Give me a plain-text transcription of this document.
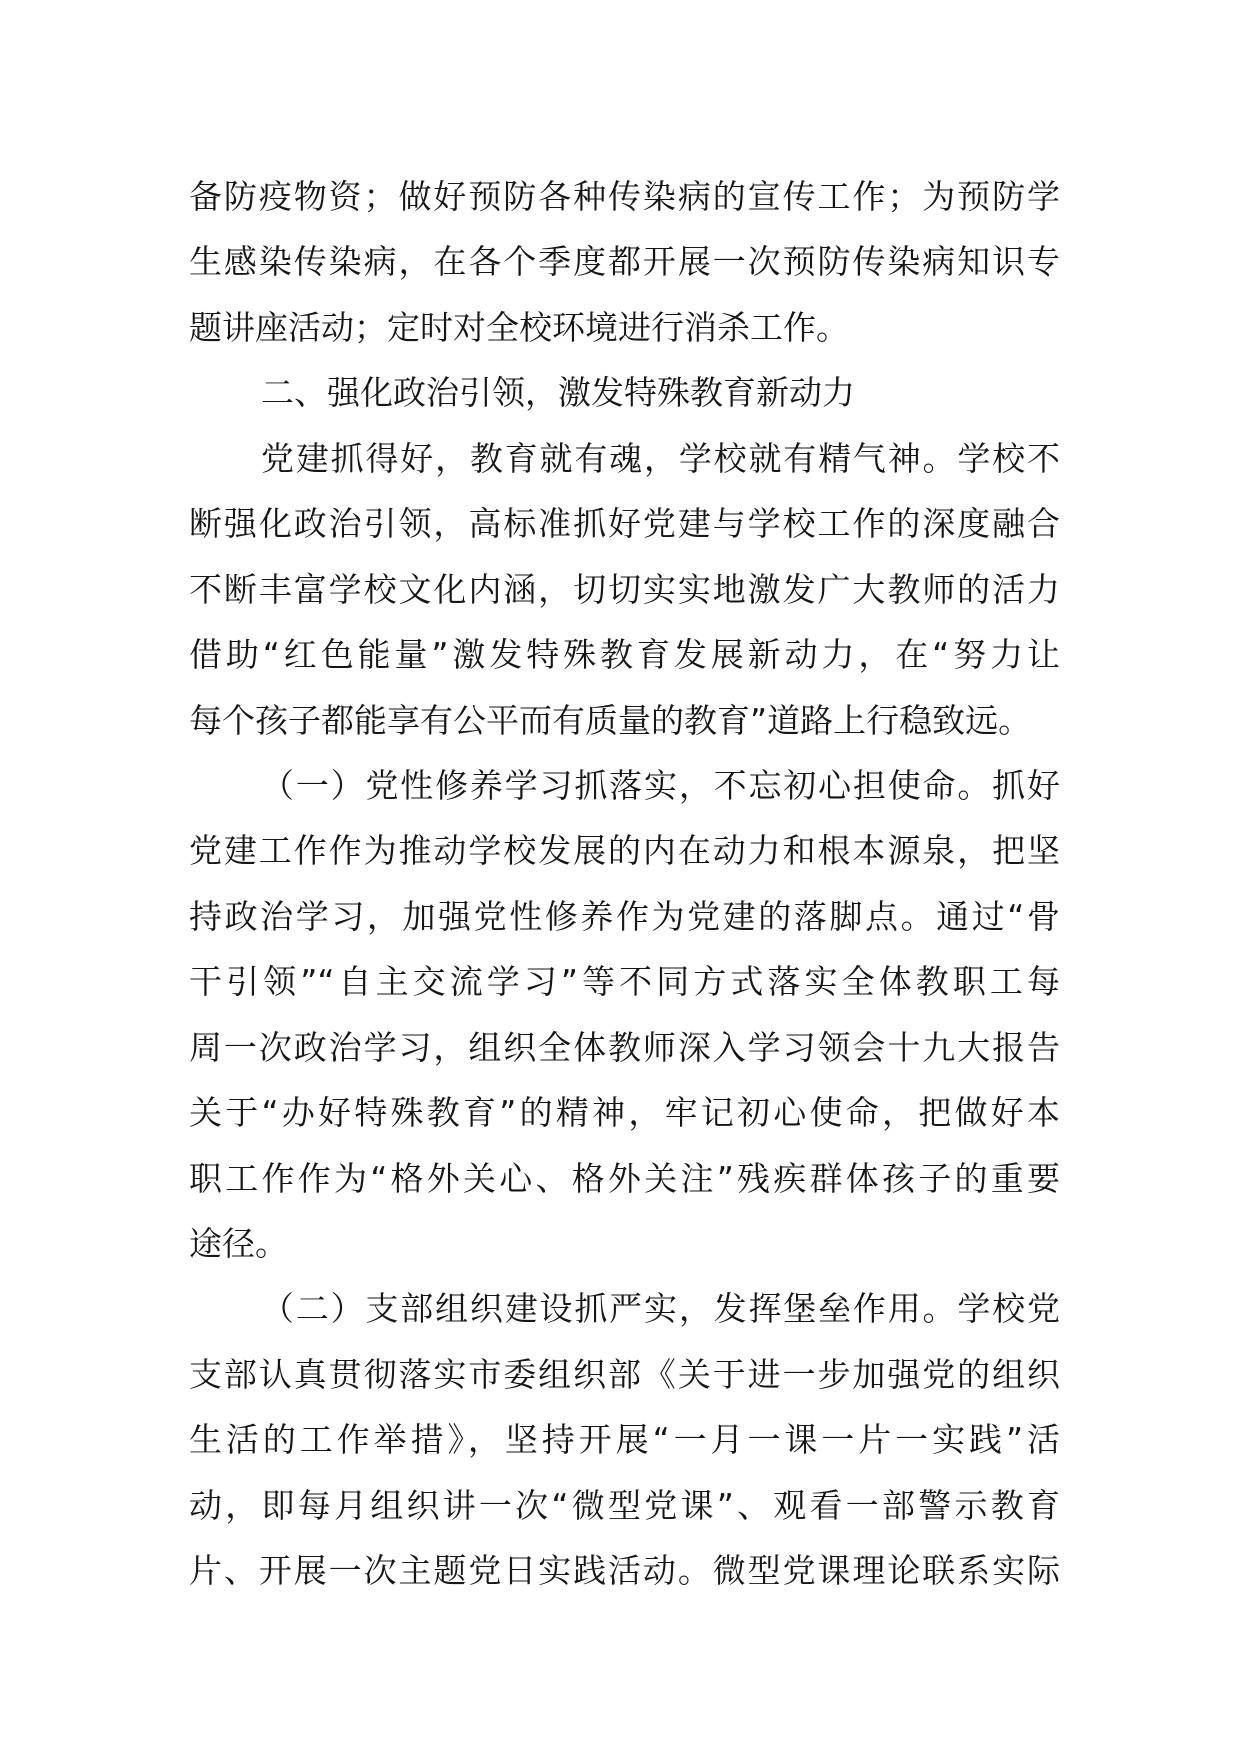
备防疫物资；做好预防各种传染病的宣传工作；为预防学
生感染传染病，在各个季度都开展一次预防传染病知识专
题讲座活动；定时对全校环境进行消杀工作。
二、强化政治引领，激发特殊教育新动力
党建抓得好，教育就有魂，学校就有精气神。学校不
断强化政治引领，高标准抓好党建与学校工作的深度融合
不断丰富学校文化内涵，切切实实地激发广大教师的活力
借助“红色能量”激发特殊教育发展新动力，在“努力让
每个孩子都能享有公平而有质量的教育”道路上行稳致远。
（一）党性修养学习抓落实，不忘初心担使命。抓好
党建工作作为推动学校发展的内在动力和根本源泉，把坚
持政治学习，加强党性修养作为党建的落脚点。通过“骨
干引领”“自主交流学习”等不同方式落实全体教职工每
周一次政治学习，组织全体教师深入学习领会十九大报告
关于“办好特殊教育”的精神，牢记初心使命，把做好本
职工作作为“格外关心、格外关注”残疾群体孩子的重要
途径。
（二）支部组织建设抓严实，发挥堡垒作用。学校党
支部认真贯彻落实市委组织部《关于进一步加强党的组织
生活的工作举措》，坚持开展“一月一课一片一实践”活
动，即每月组织讲一次“微型党课”、观看一部警示教育
片、开展一次主题党日实践活动。微型党课理论联系实际
